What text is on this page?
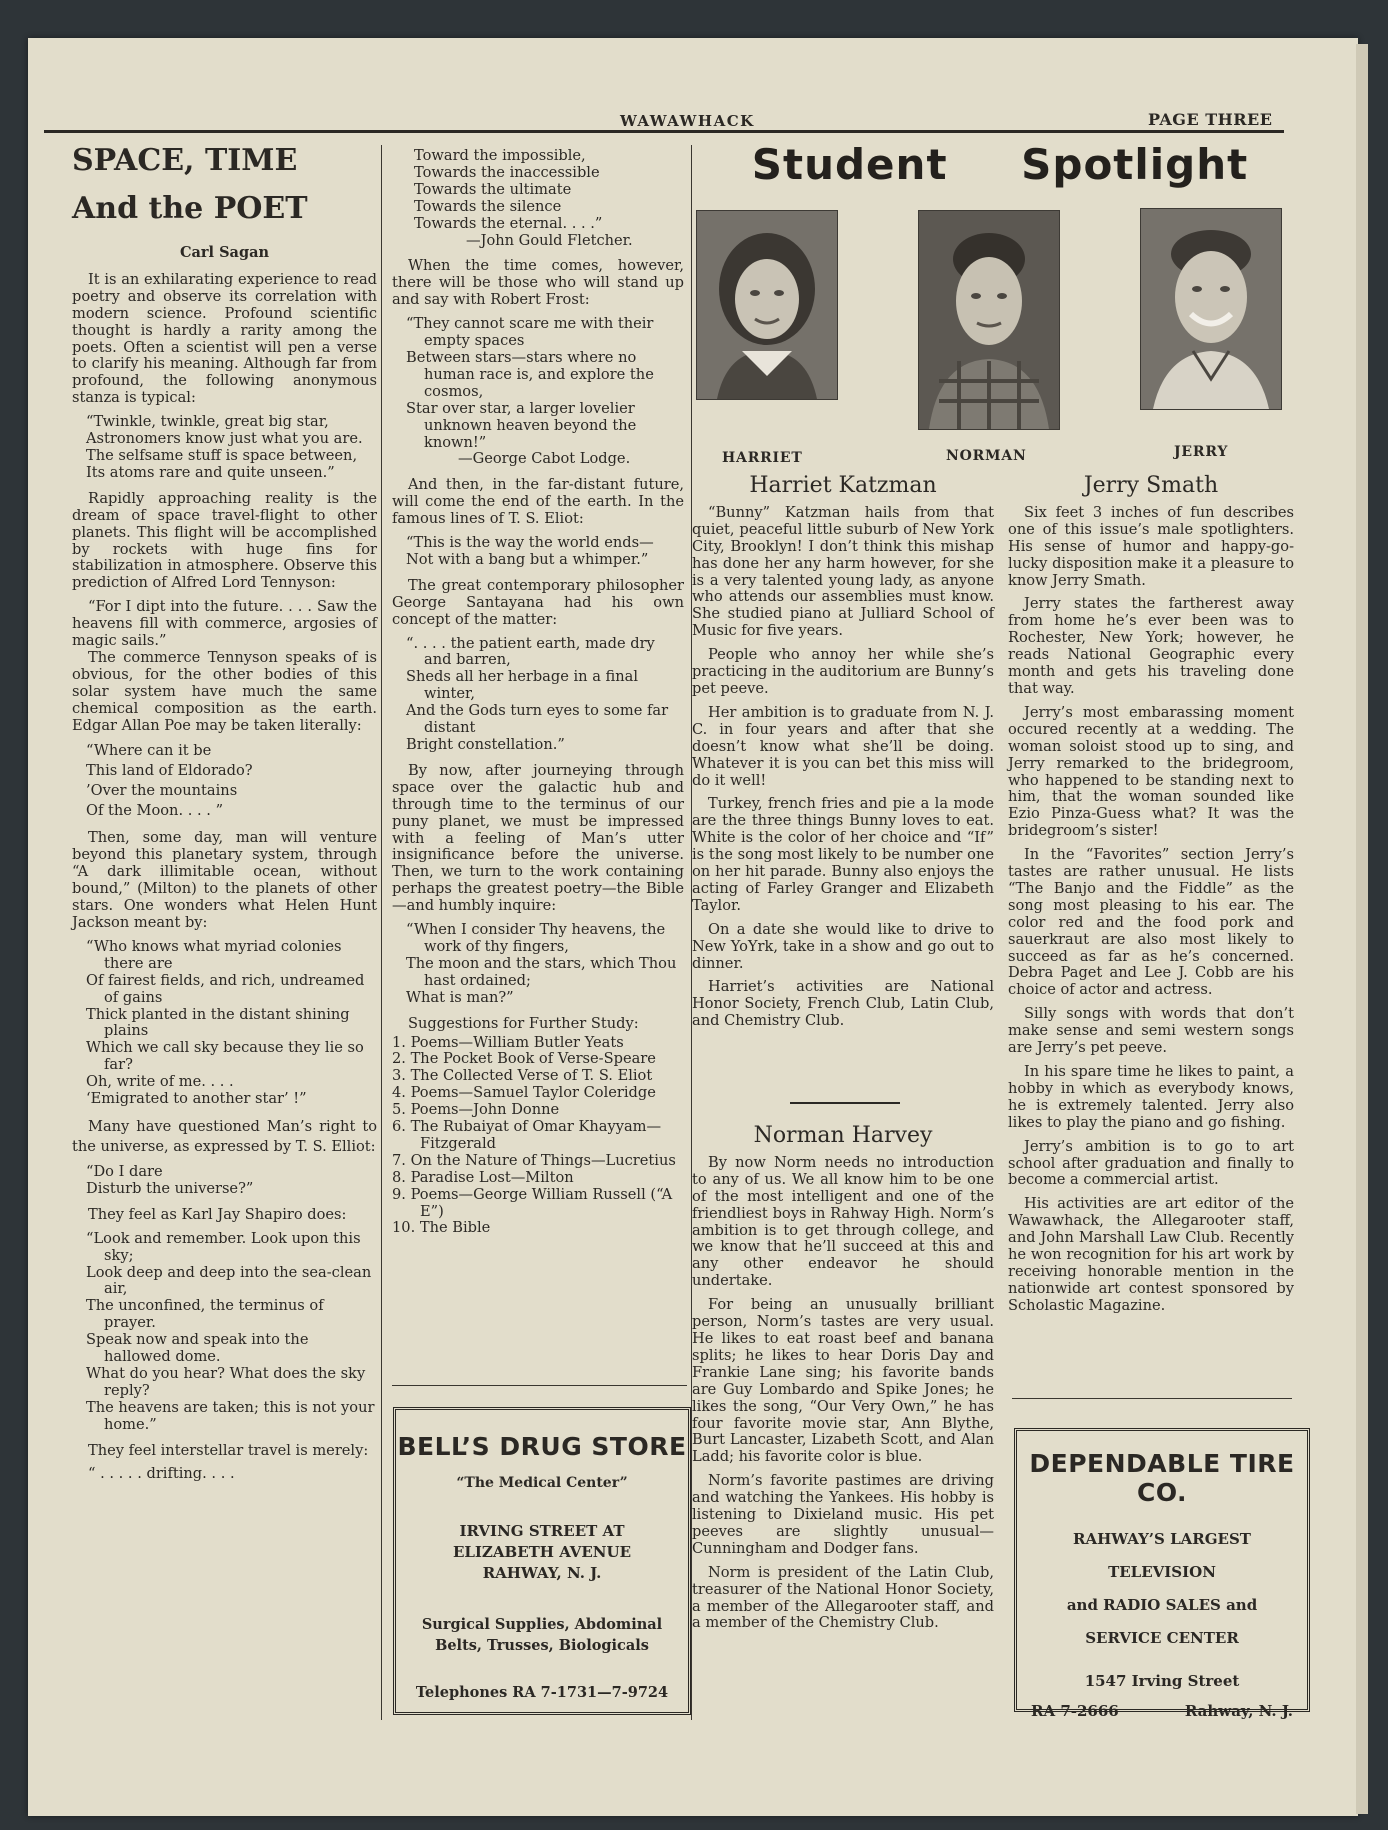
WAWAWHACK	PAGE THREE
SPACE, TIME
And the POET
Carl Sagan

It is an exhilarating experience to read poetry and observe its correlation with modern science. Profound scientific thought is hardly a rarity among the poets. Often a scientist will pen a verse to clarify his meaning. Although far from profound, the following anonymous stanza is typical:

“Twinkle, twinkle, great big star,
Astronomers know just what you are.
The selfsame stuff is space between,
Its atoms rare and quite unseen.”

Rapidly approaching reality is the dream of space travel-flight to other planets. This flight will be accomplished by rockets with huge fins for stabilization in atmosphere. Observe this prediction of Alfred Lord Tennyson:

“For I dipt into the future. . . . Saw the heavens fill with commerce, argosies of magic sails.”

The commerce Tennyson speaks of is obvious, for the other bodies of this solar system have much the same chemical composition as the earth. Edgar Allan Poe may be taken literally:

“Where can it be
This land of Eldorado?
’Over the mountains
Of the Moon. . . . ”

Then, some day, man will venture beyond this planetary system, through “A dark illimitable ocean, without bound,” (Milton) to the planets of other stars. One wonders what Helen Hunt Jackson meant by:

“Who knows what myriad colonies there are
Of fairest fields, and rich, undreamed of gains
Thick planted in the distant shining plains
Which we call sky because they lie so far?
Oh, write of me. . . .
‘Emigrated to another star’ !”

Many have questioned Man’s right to the universe, as expressed by T. S. Elliot:

“Do I dare
Disturb the universe?”

They feel as Karl Jay Shapiro does:

“Look and remember. Look upon this sky;
Look deep and deep into the sea-clean air,
The unconfined, the terminus of prayer.
Speak now and speak into the hallowed dome.
What do you hear? What does the sky reply?
The heavens are taken; this is not your home.”

They feel interstellar travel is merely:

“ . . . . . drifting. . . .

Toward the impossible,
Towards the inaccessible
Towards the ultimate
Towards the silence
Towards the eternal. . . .”
—John Gould Fletcher.

When the time comes, however, there will be those who will stand up and say with Robert Frost:

“They cannot scare me with their empty spaces
Between stars—stars where no human race is, and explore the cosmos,
Star over star, a larger lovelier unknown heaven beyond the known!”
—George Cabot Lodge.

And then, in the far-distant future, will come the end of the earth. In the famous lines of T. S. Eliot:

“This is the way the world ends—
Not with a bang but a whimper.”

The great contemporary philosopher George Santayana had his own concept of the matter:

“. . . . the patient earth, made dry and barren,
Sheds all her herbage in a final winter,
And the Gods turn eyes to some far distant
Bright constellation.”

By now, after journeying through space over the galactic hub and through time to the terminus of our puny planet, we must be impressed with a feeling of Man’s utter insignificance before the universe. Then, we turn to the work containing perhaps the greatest poetry—the Bible—and humbly inquire:

“When I consider Thy heavens, the work of thy fingers,
The moon and the stars, which Thou hast ordained;
What is man?”

Suggestions for Further Study:

1. Poems—William Butler Yeats
2. The Pocket Book of Verse-Speare
3. The Collected Verse of T. S. Eliot
4. Poems—Samuel Taylor Coleridge
5. Poems—John Donne
6. The Rubaiyat of Omar Khayyam—Fitzgerald
7. On the Nature of Things—Lucretius
8. Paradise Lost—Milton
9. Poems—George William Russell (“A E”)
10. The Bible
BELL’S DRUG STORE
“The Medical Center”
IRVING STREET AT
ELIZABETH AVENUE
RAHWAY, N. J.
Surgical Supplies, Abdominal
Belts, Trusses, Biologicals
Telephones RA 7-1731—7-9724
Student Spotlight
HARRIET	NORMAN	JERRY
Harriet Katzman

“Bunny” Katzman hails from that quiet, peaceful little suburb of New York City, Brooklyn! I don’t think this mishap has done her any harm however, for she is a very talented young lady, as anyone who attends our assemblies must know. She studied piano at Julliard School of Music for five years.

People who annoy her while she’s practicing in the auditorium are Bunny’s pet peeve.

Her ambition is to graduate from N. J. C. in four years and after that she doesn’t know what she’ll be doing. Whatever it is you can bet this miss will do it well!

Turkey, french fries and pie a la mode are the three things Bunny loves to eat. White is the color of her choice and “If” is the song most likely to be number one on her hit parade. Bunny also enjoys the acting of Farley Granger and Elizabeth Taylor.

On a date she would like to drive to New YoYrk, take in a show and go out to dinner.

Harriet’s activities are National Honor Society, French Club, Latin Club, and Chemistry Club.

Norman Harvey

By now Norm needs no introduction to any of us. We all know him to be one of the most intelligent and one of the friendliest boys in Rahway High. Norm’s ambition is to get through college, and we know that he’ll succeed at this and any other endeavor he should undertake.

For being an unusually brilliant person, Norm’s tastes are very usual. He likes to eat roast beef and banana splits; he likes to hear Doris Day and Frankie Lane sing; his favorite bands are Guy Lombardo and Spike Jones; he likes the song, “Our Very Own,” he has four favorite movie star, Ann Blythe, Burt Lancaster, Lizabeth Scott, and Alan Ladd; his favorite color is blue.

Norm’s favorite pastimes are driving and watching the Yankees. His hobby is listening to Dixieland music. His pet peeves are slightly unusual—Cunningham and Dodger fans.

Norm is president of the Latin Club, treasurer of the National Honor Society, a member of the Allegarooter staff, and a member of the Chemistry Club.

Jerry Smath

Six feet 3 inches of fun describes one of this issue’s male spotlighters. His sense of humor and happy-go-lucky disposition make it a pleasure to know Jerry Smath.

Jerry states the fartherest away from home he’s ever been was to Rochester, New York; however, he reads National Geographic every month and gets his traveling done that way.

Jerry’s most embarassing moment occured recently at a wedding. The woman soloist stood up to sing, and Jerry remarked to the bridegroom, who happened to be standing next to him, that the woman sounded like Ezio Pinza-Guess what? It was the bridegroom’s sister!

In the “Favorites” section Jerry’s tastes are rather unusual. He lists “The Banjo and the Fiddle” as the song most pleasing to his ear. The color red and the food pork and sauerkraut are also most likely to succeed as far as he’s concerned. Debra Paget and Lee J. Cobb are his choice of actor and actress.

Silly songs with words that don’t make sense and semi western songs are Jerry’s pet peeve.

In his spare time he likes to paint, a hobby in which as everybody knows, he is extremely talented. Jerry also likes to play the piano and go fishing.

Jerry’s ambition is to go to art school after graduation and finally to become a commercial artist.

His activities are art editor of the Wawawhack, the Allegarooter staff, and John Marshall Law Club. Recently he won recognition for his art work by receiving honorable mention in the nationwide art contest sponsored by Scholastic Magazine.

DEPENDABLE TIRE CO.
RAHWAY’S LARGEST
TELEVISION
and RADIO SALES and
SERVICE CENTER
1547 Irving Street
RA 7-2666	Rahway, N. J.
